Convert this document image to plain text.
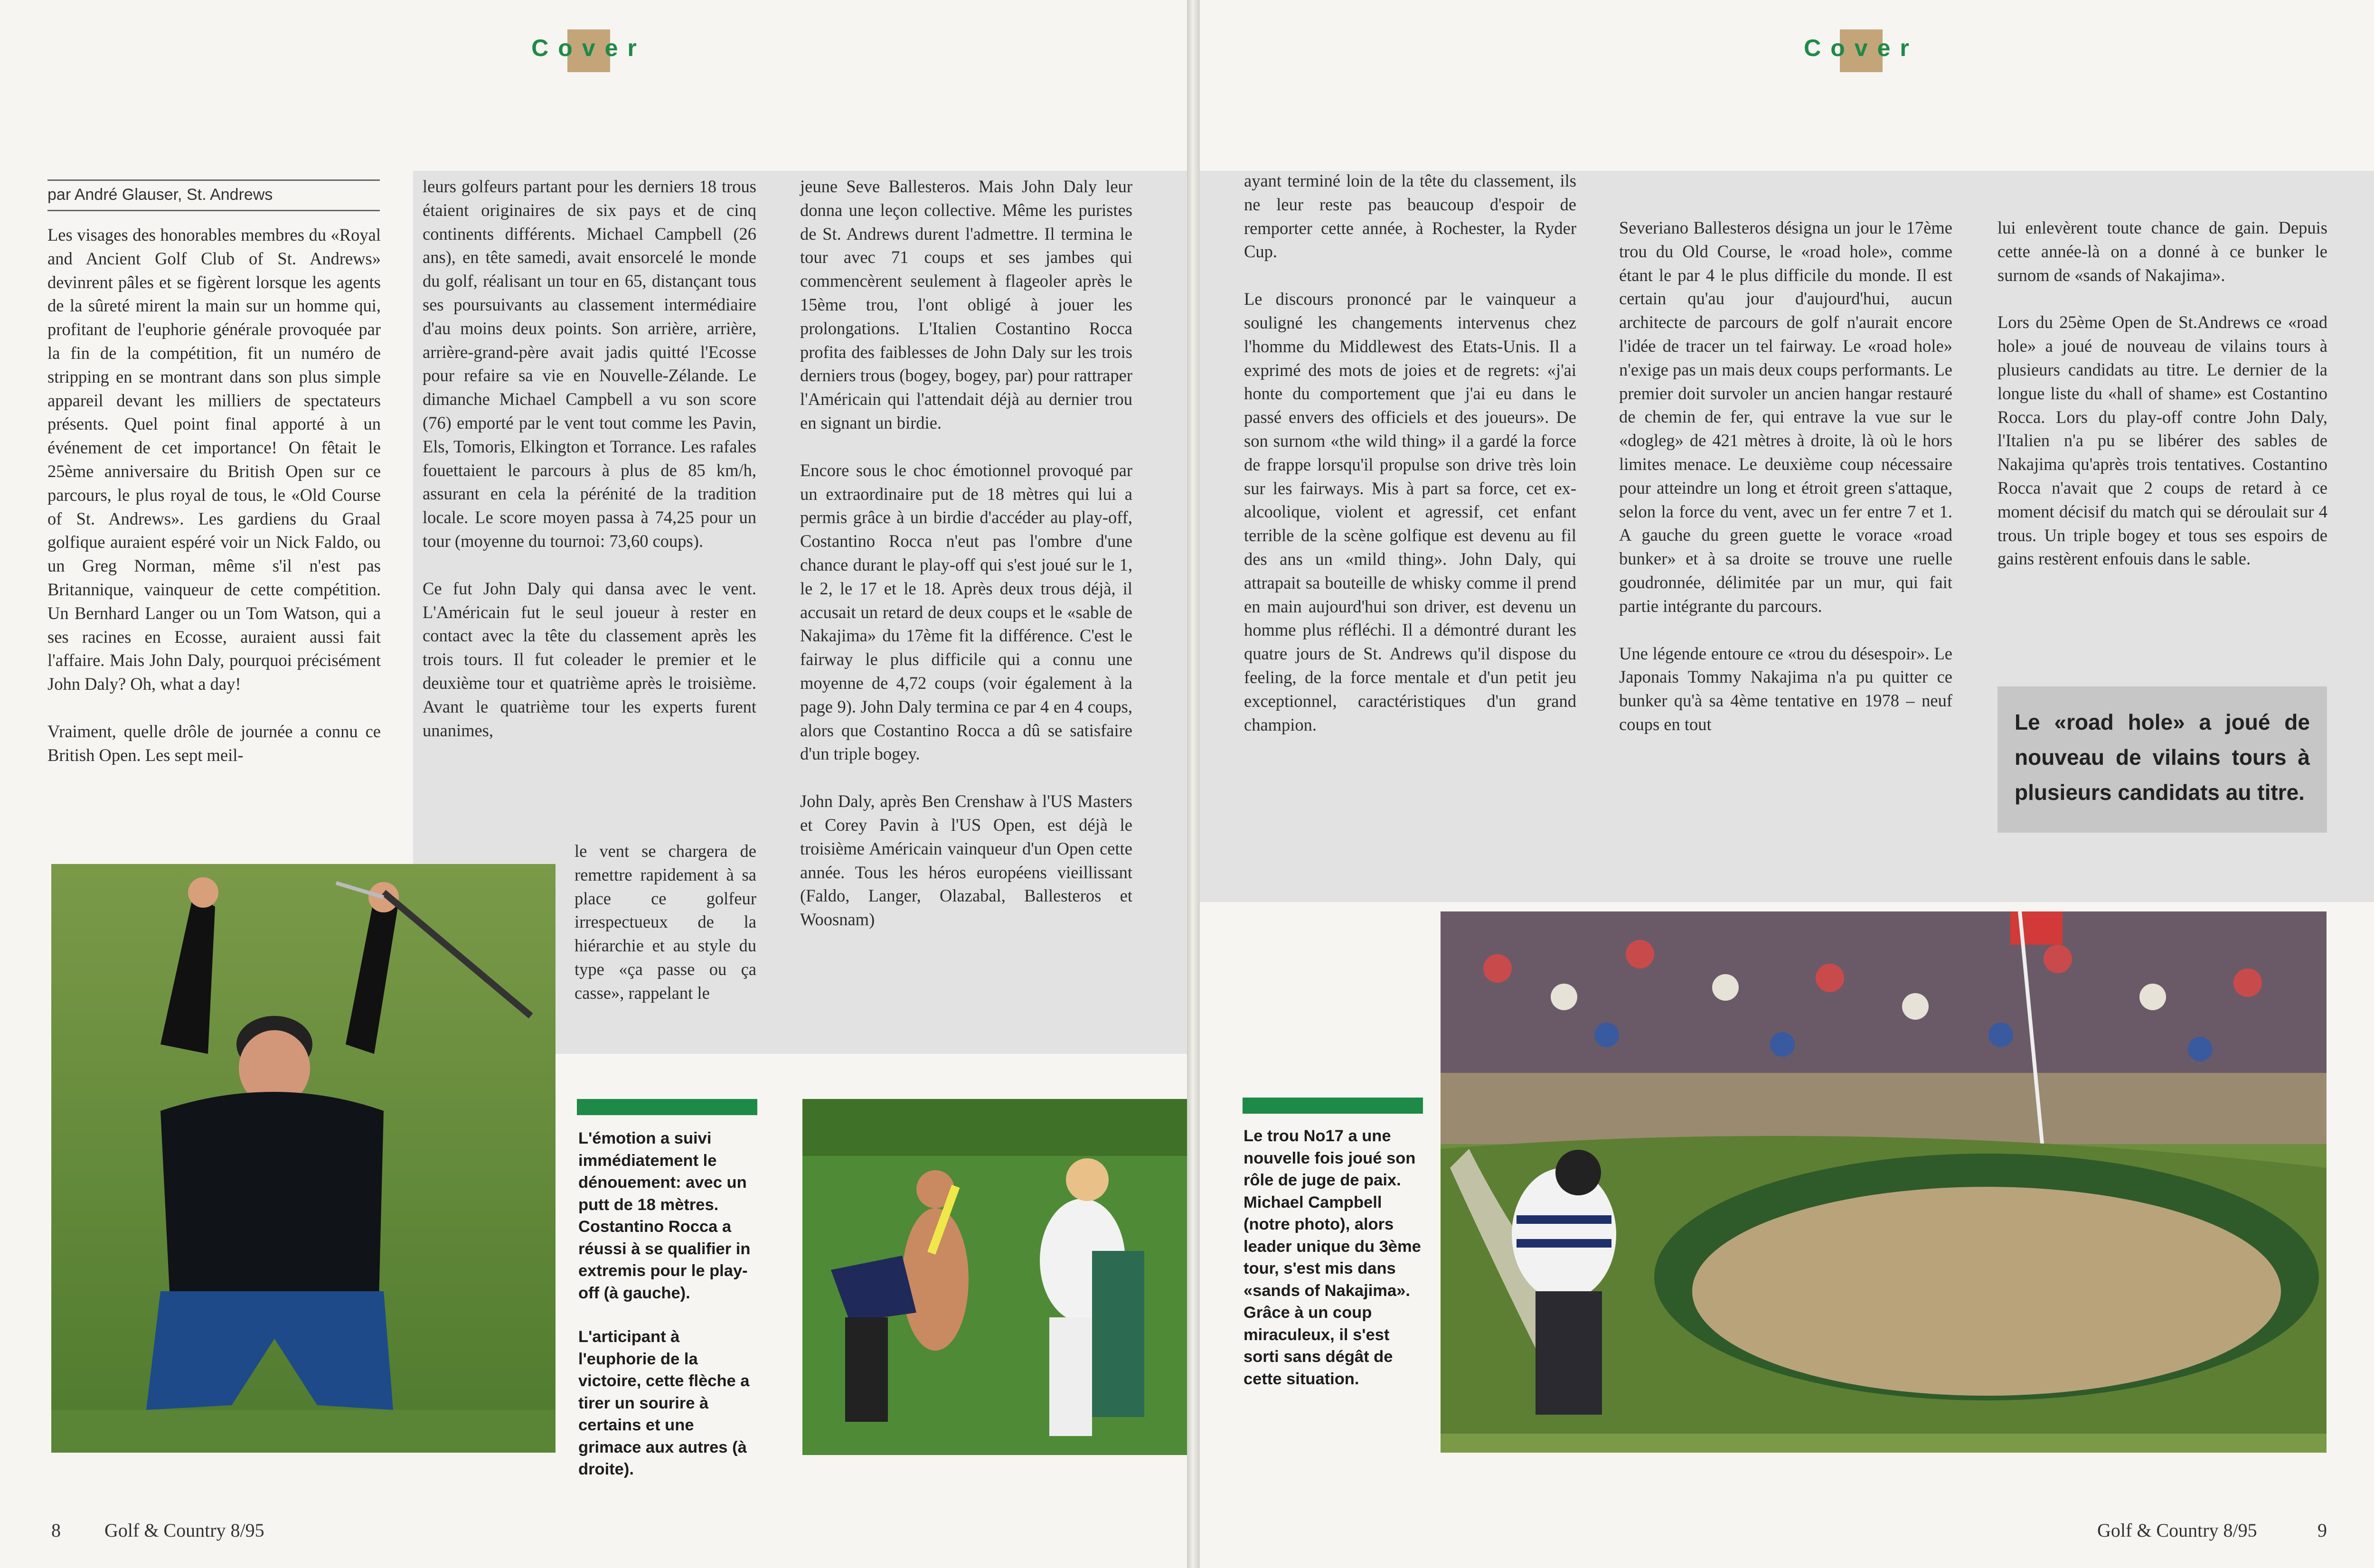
Cover
par André Glauser, St. Andrews

Les visages des honorables membres du «Royal and Ancient Golf Club of St. Andrews» devinrent pâles et se figèrent lorsque les agents de la sûreté mirent la main sur un homme qui, profitant de l'euphorie générale provoquée par la fin de la compétition, fit un numéro de stripping en se montrant dans son plus simple appareil devant les milliers de spectateurs présents. Quel point final apporté à un événement de cet importance! On fêtait le 25ème anniversaire du British Open sur ce parcours, le plus royal de tous, le «Old Course of St. Andrews». Les gardiens du Graal golfique auraient espéré voir un Nick Faldo, ou un Greg Norman, même s'il n'est pas Britannique, vainqueur de cette compétition. Un Bernhard Langer ou un Tom Watson, qui a ses racines en Ecosse, auraient aussi fait l'affaire. Mais John Daly, pourquoi précisément John Daly? Oh, what a day!

Vraiment, quelle drôle de journée a connu ce British Open. Les sept meil-

leurs golfeurs partant pour les derniers 18 trous étaient originaires de six pays et de cinq continents différents. Michael Campbell (26 ans), en tête samedi, avait ensorcelé le monde du golf, réalisant un tour en 65, distançant tous ses poursuivants au classement intermédiaire d'au moins deux points. Son arrière, arrière, arrière-grand-père avait jadis quitté l'Ecosse pour refaire sa vie en Nouvelle-Zélande. Le dimanche Michael Campbell a vu son score (76) emporté par le vent tout comme les Pavin, Els, Tomoris, Elkington et Torrance. Les rafales fouettaient le parcours à plus de 85 km/h, assurant en cela la pérénité de la tradition locale. Le score moyen passa à 74,25 pour un tour (moyenne du tournoi: 73,60 coups).

Ce fut John Daly qui dansa avec le vent. L'Américain fut le seul joueur à rester en contact avec la tête du classement après les trois tours. Il fut coleader le premier et le deuxième tour et quatrième après le troisième. Avant le quatrième tour les experts furent unanimes,

le vent se chargera de remettre rapidement à sa place ce golfeur irrespectueux de la hiérarchie et au style du type «ça passe ou ça casse», rappelant le

jeune Seve Ballesteros. Mais John Daly leur donna une leçon collective. Même les puristes de St. Andrews durent l'admettre. Il termina le tour avec 71 coups et ses jambes qui commencèrent seulement à flageoler après le 15ème trou, l'ont obligé à jouer les prolongations. L'Italien Costantino Rocca profita des faiblesses de John Daly sur les trois derniers trous (bogey, bogey, par) pour rattraper l'Américain qui l'attendait déjà au dernier trou en signant un birdie.

Encore sous le choc émotionnel provoqué par un extraordinaire put de 18 mètres qui lui a permis grâce à un birdie d'accéder au play-off, Costantino Rocca n'eut pas l'ombre d'une chance durant le play-off qui s'est joué sur le 1, le 2, le 17 et le 18. Après deux trous déjà, il accusait un retard de deux coups et le «sable de Nakajima» du 17ème fit la différence. C'est le fairway le plus difficile qui a connu une moyenne de 4,72 coups (voir également à la page 9). John Daly termina ce par 4 en 4 coups, alors que Costantino Rocca a dû se satisfaire d'un triple bogey.

John Daly, après Ben Crenshaw à l'US Masters et Corey Pavin à l'US Open, est déjà le troisième Américain vainqueur d'un Open cette année. Tous les héros européens vieillissant (Faldo, Langer, Olazabal, Ballesteros et Woosnam)

L'émotion a suivi immédiatement le dénouement: avec un putt de 18 mètres. Costantino Rocca a réussi à se qualifier in extremis pour le play-off (à gauche).

L'articipant à l'euphorie de la victoire, cette flèche a tirer un sourire à certains et une grimace aux autres (à droite).

8 Golf & Country 8/95
Cover

ayant terminé loin de la tête du classement, ils ne leur reste pas beaucoup d'espoir de remporter cette année, à Rochester, la Ryder Cup.

Le discours prononcé par le vainqueur a souligné les changements intervenus chez l'homme du Middlewest des Etats-Unis. Il a exprimé des mots de joies et de regrets: «j'ai honte du comportement que j'ai eu dans le passé envers des officiels et des joueurs». De son surnom «the wild thing» il a gardé la force de frappe lorsqu'il propulse son drive très loin sur les fairways. Mis à part sa force, cet ex-alcoolique, violent et agressif, cet enfant terrible de la scène golfique est devenu au fil des ans un «mild thing». John Daly, qui attrapait sa bouteille de whisky comme il prend en main aujourd'hui son driver, est devenu un homme plus réfléchi. Il a démontré durant les quatre jours de St. Andrews qu'il dispose du feeling, de la force mentale et d'un petit jeu exceptionnel, caractéristiques d'un grand champion.

Severiano Ballesteros désigna un jour le 17ème trou du Old Course, le «road hole», comme étant le par 4 le plus difficile du monde. Il est certain qu'au jour d'aujourd'hui, aucun architecte de parcours de golf n'aurait encore l'idée de tracer un tel fairway. Le «road hole» n'exige pas un mais deux coups performants. Le premier doit survoler un ancien hangar restauré de chemin de fer, qui entrave la vue sur le «dogleg» de 421 mètres à droite, là où le hors limites menace. Le deuxième coup nécessaire pour atteindre un long et étroit green s'attaque, selon la force du vent, avec un fer entre 7 et 1. A gauche du green guette le vorace «road bunker» et à sa droite se trouve une ruelle goudronnée, délimitée par un mur, qui fait partie intégrante du parcours.

Une légende entoure ce «trou du désespoir». Le Japonais Tommy Nakajima n'a pu quitter ce bunker qu'à sa 4ème tentative en 1978 – neuf coups en tout

lui enlevèrent toute chance de gain. Depuis cette année-là on a donné à ce bunker le surnom de «sands of Nakajima».

Lors du 25ème Open de St.Andrews ce «road hole» a joué de nouveau de vilains tours à plusieurs candidats au titre. Le dernier de la longue liste du «hall of shame» est Costantino Rocca. Lors du play-off contre John Daly, l'Italien n'a pu se libérer des sables de Nakajima qu'après trois tentatives. Costantino Rocca n'avait que 2 coups de retard à ce moment décisif du match qui se déroulait sur 4 trous. Un triple bogey et tous ses espoirs de gains restèrent enfouis dans le sable.

Le «road hole» a joué de nouveau de vilains tours à plusieurs candidats au titre.

Le trou No17 a une nouvelle fois joué son rôle de juge de paix. Michael Campbell (notre photo), alors leader unique du 3ème tour, s'est mis dans «sands of Nakajima». Grâce à un coup miraculeux, il s'est sorti sans dégât de cette situation.

Golf & Country 8/95	9
